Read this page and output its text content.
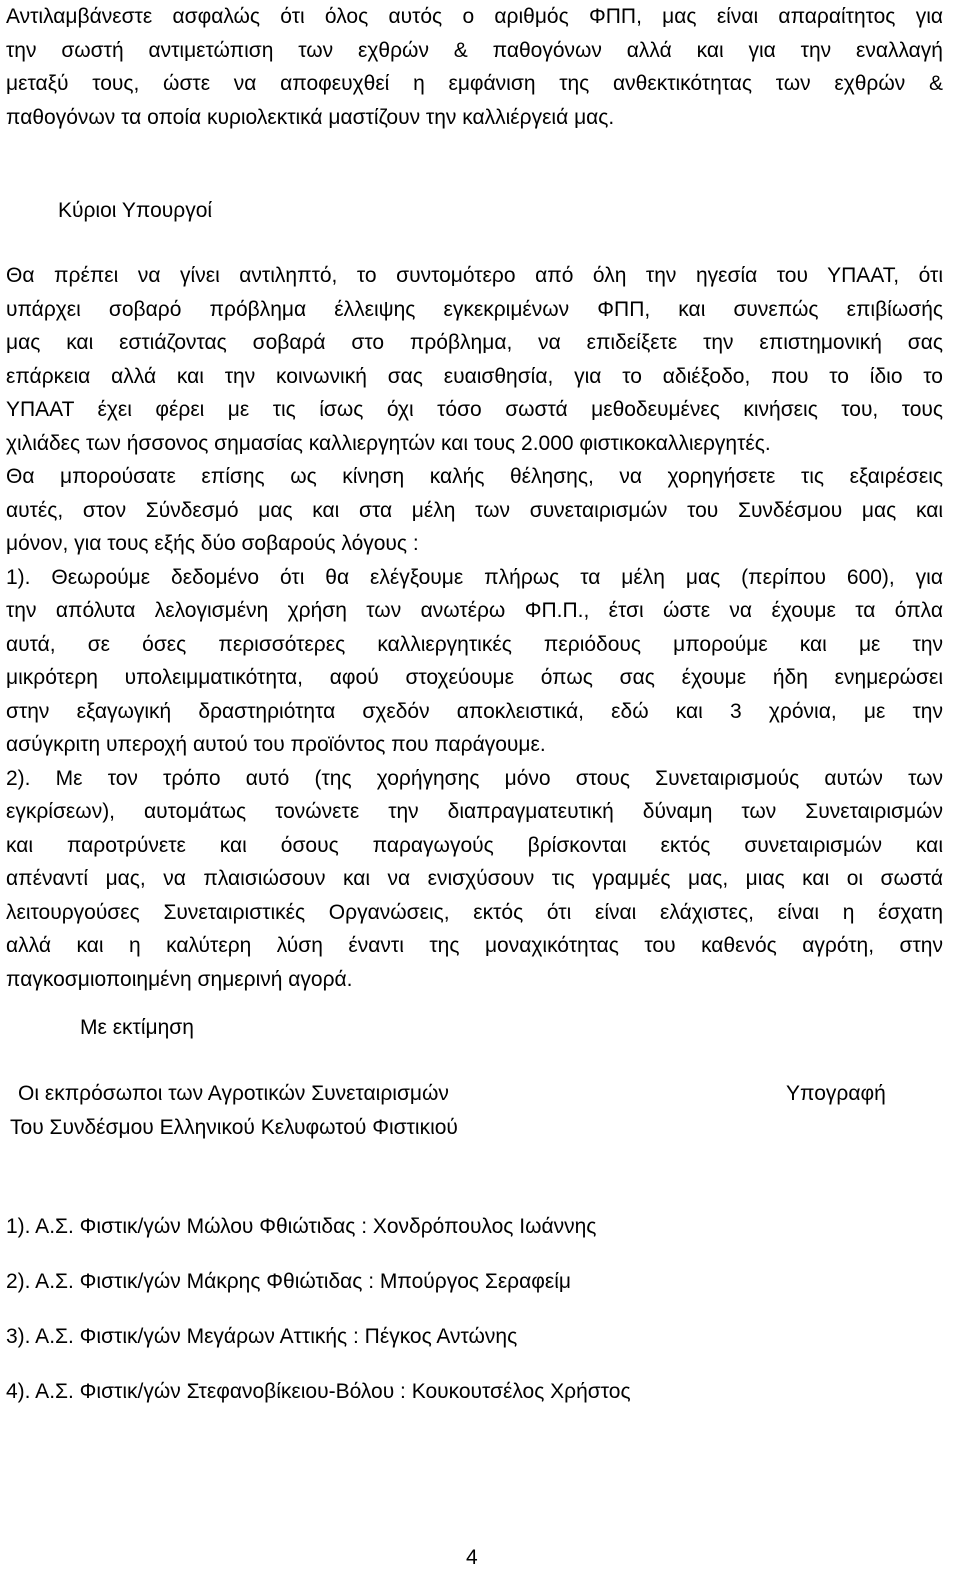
Αντιλαμβάνεστε ασφαλώς ότι όλος αυτός ο αριθμός ΦΠΠ, μας είναι απαραίτητος για
την σωστή αντιμετώπιση των εχθρών & παθογόνων αλλά και για την εναλλαγή
μεταξύ τους, ώστε να αποφευχθεί η εμφάνιση της ανθεκτικότητας των εχθρών &
παθογόνων τα οποία κυριολεκτικά μαστίζουν την καλλιέργειά μας.
Κύριοι Υπουργοί
Θα πρέπει να γίνει αντιληπτό, το συντομότερο από όλη την ηγεσία του ΥΠΑΑΤ, ότι
υπάρχει σοβαρό πρόβλημα έλλειψης εγκεκριμένων ΦΠΠ, και συνεπώς επιβίωσής
μας και εστιάζοντας σοβαρά στο πρόβλημα, να επιδείξετε την επιστημονική σας
επάρκεια αλλά και την κοινωνική σας ευαισθησία, για το αδιέξοδο, που το ίδιο το
ΥΠΑΑΤ έχει φέρει με τις ίσως όχι τόσο σωστά μεθοδευμένες κινήσεις του, τους
χιλιάδες των ήσσονος σημασίας καλλιεργητών και τους 2.000 φιστικοκαλλιεργητές.
Θα μπορούσατε επίσης ως κίνηση καλής θέλησης, να χορηγήσετε τις εξαιρέσεις
αυτές, στον Σύνδεσμό μας και στα μέλη των συνεταιρισμών του Συνδέσμου μας και
μόνον, για τους εξής δύο σοβαρούς λόγους :
1). Θεωρούμε δεδομένο ότι θα ελέγξουμε πλήρως τα μέλη μας (περίπου 600), για
την απόλυτα λελογισμένη χρήση των ανωτέρω ΦΠ.Π., έτσι ώστε να έχουμε τα όπλα
αυτά, σε όσες περισσότερες καλλιεργητικές περιόδους μπορούμε και με την
μικρότερη υπολειμματικότητα, αφού στοχεύουμε όπως σας έχουμε ήδη ενημερώσει
στην εξαγωγική δραστηριότητα σχεδόν αποκλειστικά, εδώ και 3 χρόνια, με την
ασύγκριτη υπεροχή αυτού του προϊόντος που παράγουμε.
2). Με τον τρόπο αυτό (της χορήγησης μόνο στους Συνεταιρισμούς αυτών των
εγκρίσεων), αυτομάτως τονώνετε την διαπραγματευτική δύναμη των Συνεταιρισμών
και παροτρύνετε και όσους παραγωγούς βρίσκονται εκτός συνεταιρισμών και
απέναντί μας, να πλαισιώσουν και να ενισχύσουν τις γραμμές μας, μιας και οι σωστά
λειτουργούσες Συνεταιριστικές Οργανώσεις, εκτός ότι είναι ελάχιστες, είναι η έσχατη
αλλά και η καλύτερη λύση έναντι της μοναχικότητας του καθενός αγρότη, στην
παγκοσμιοποιημένη σημερινή αγορά.
Με εκτίμηση
Οι εκπρόσωποι των Αγροτικών Συνεταιρισμών	Υπογραφή
Του Συνδέσμου Ελληνικού Κελυφωτού Φιστικιού
1). Α.Σ. Φιστικ/γών Μώλου Φθιώτιδας : Χονδρόπουλος Ιωάννης
2). Α.Σ. Φιστικ/γών Μάκρης Φθιώτιδας : Μπούργος Σεραφείμ
3). Α.Σ. Φιστικ/γών Μεγάρων Αττικής : Πέγκος Αντώνης
4). Α.Σ. Φιστικ/γών Στεφανοβίκειου-Βόλου : Κουκουτσέλος Χρήστος
4
